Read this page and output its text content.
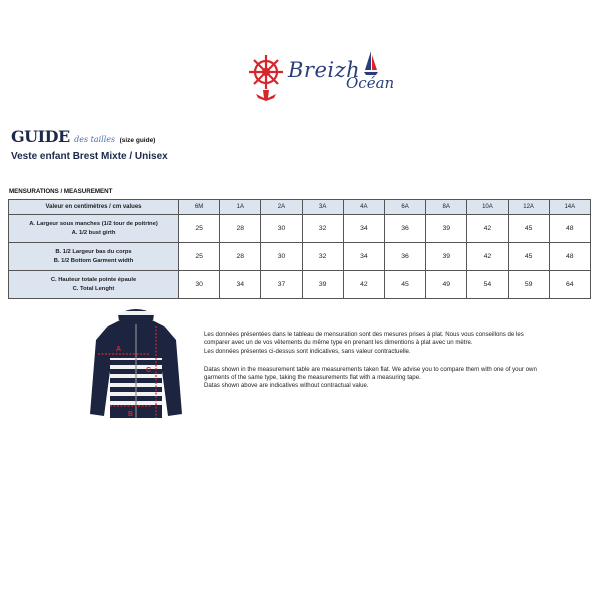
Breizh
Océan
GUIDE des tailles (size guide)
Veste enfant Brest Mixte / Unisex
MENSURATIONS / MEASUREMENT
Valeur en centimètres / cm values	6M	1A	2A	3A	4A	6A	8A	10A	12A	14A

A. Largeur sous manches (1/2 tour de poitrine)
A. 1/2 bust girth	25	28	30	32	34	36	39	42	45	48

B. 1/2 Largeur bas du corps
B. 1/2 Bottom Garment width	25	28	30	32	34	36	39	42	45	48

C. Hauteur totale pointe épaule
C. Total Lenght	30	34	37	39	42	45	49	54	59	64
A
B
C

Les données présentées dans le tableau de mensuration sont des mesures prises à plat. Nous vous conseillons de les comparer avec un de vos vêtements du même type en prenant les dimentions à plat avec un mètre.

Les données présentes ci-dessus sont indicatives, sans valeur contractuelle.

Datas shown in the measurement table are measurements taken flat. We advise you to compare them with one of your own garments of the same type, taking the measurements flat with a measuring tape.

Datas shown above are indicatives without contractual value.
